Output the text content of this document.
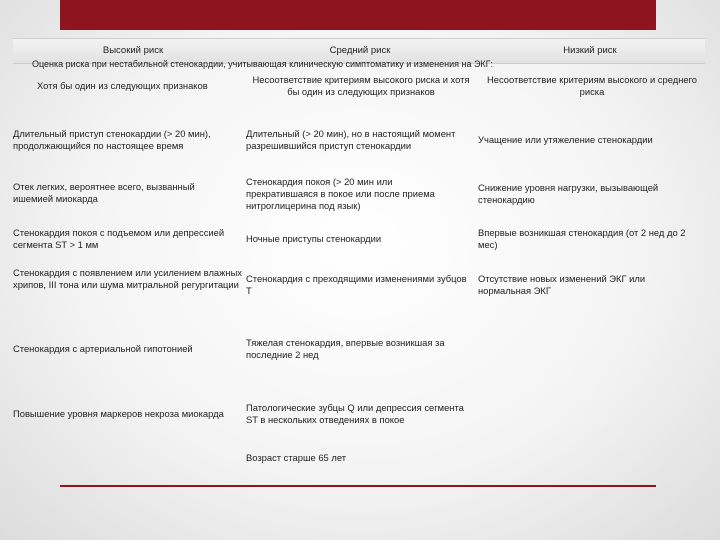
Высокий риск	Средний риск	Низкий риск
Оценка риска при нестабильной стенокардии, учитывающая клиническую симптоматику и изменения на ЭКГ:
Хотя бы один из следующих признаков
Несоответствие критериям высокого риска и хотя бы один из следующих признаков
Несоответствие критериям высокого и среднего риска
Длительный приступ стенокардии (> 20 мин), продолжающийся по настоящее время
Длительный (> 20 мин), но в настоящий момент разрешившийся приступ стенокардии
Учащение или утяжеление стенокардии
Отек легких, вероятнее всего, вызванный ишемией миокарда
Стенокардия покоя (> 20 мин или прекратившаяся в покое или после приема нитроглицерина под язык)
Снижение уровня нагрузки, вызывающей стенокардию
Стенокардия покоя с подъемом или депрессией сегмента ST > 1 мм
Ночные приступы стенокардии
Впервые возникшая стенокардия (от 2 нед до 2 мес)
Стенокардия с появлением или усилением влажных хрипов, III тона или шума митральной регургитации
Стенокардия с преходящими изменениями зубцов Т
Отсутствие новых изменений ЭКГ или нормальная ЭКГ
Стенокардия с артериальной гипотонией
Тяжелая стенокардия, впервые возникшая за последние 2 нед
Повышение уровня маркеров некроза миокарда
Патологические зубцы Q или депрессия сегмента ST в нескольких отведениях в покое
Возраст старше 65 лет
